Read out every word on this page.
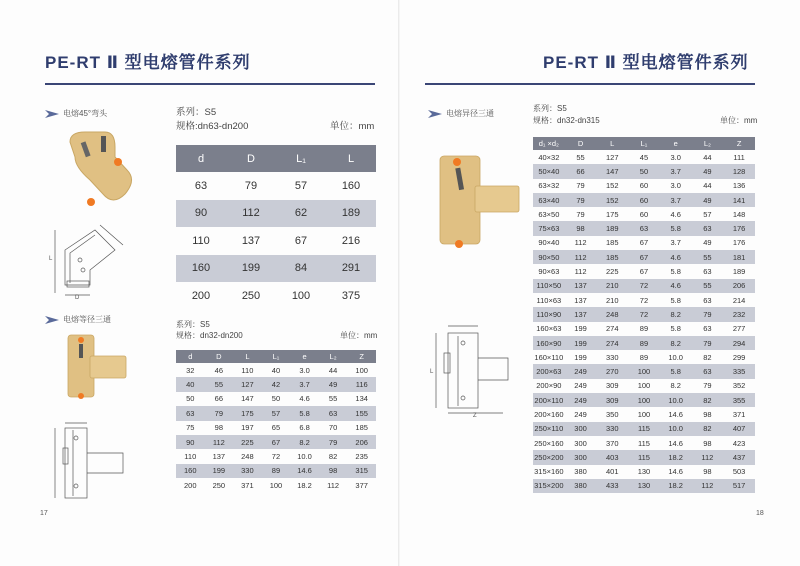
PE-RT Ⅱ 型电熔管件系列
电熔45°弯头
L
D
系列：S5
规格:dn63-dn200	单位：mm
d	D	L₁	L
63	79	57	160
90	112	62	189
110	137	67	216
160	199	84	291
200	250	100	375
电熔等径三通
系列：S5
规格：dn32-dn200	单位：mm
d	D	L	L₁	e	L₂	Z
32	46	110	40	3.0	44	100
40	55	127	42	3.7	49	116
50	66	147	50	4.6	55	134
63	79	175	57	5.8	63	155
75	98	197	65	6.8	70	185
90	112	225	67	8.2	79	206
110	137	248	72	10.0	82	235
160	199	330	89	14.6	98	315
200	250	371	100	18.2	112	377
17
PE-RT Ⅱ 型电熔管件系列
电熔异径三通
L
Z
系列：S5
规格：dn32-dn315	单位：mm
d₁ ×d₂	D	L	L₁	e	L₂	Z
40×32	55	127	45	3.0	44	111
50×40	66	147	50	3.7	49	128
63×32	79	152	60	3.0	44	136
63×40	79	152	60	3.7	49	141
63×50	79	175	60	4.6	57	148
75×63	98	189	63	5.8	63	176
90×40	112	185	67	3.7	49	176
90×50	112	185	67	4.6	55	181
90×63	112	225	67	5.8	63	189
110×50	137	210	72	4.6	55	206
110×63	137	210	72	5.8	63	214
110×90	137	248	72	8.2	79	232
160×63	199	274	89	5.8	63	277
160×90	199	274	89	8.2	79	294
160×110	199	330	89	10.0	82	299
200×63	249	270	100	5.8	63	335
200×90	249	309	100	8.2	79	352
200×110	249	309	100	10.0	82	355
200×160	249	350	100	14.6	98	371
250×110	300	330	115	10.0	82	407
250×160	300	370	115	14.6	98	423
250×200	300	403	115	18.2	112	437
315×160	380	401	130	14.6	98	503
315×200	380	433	130	18.2	112	517
18
